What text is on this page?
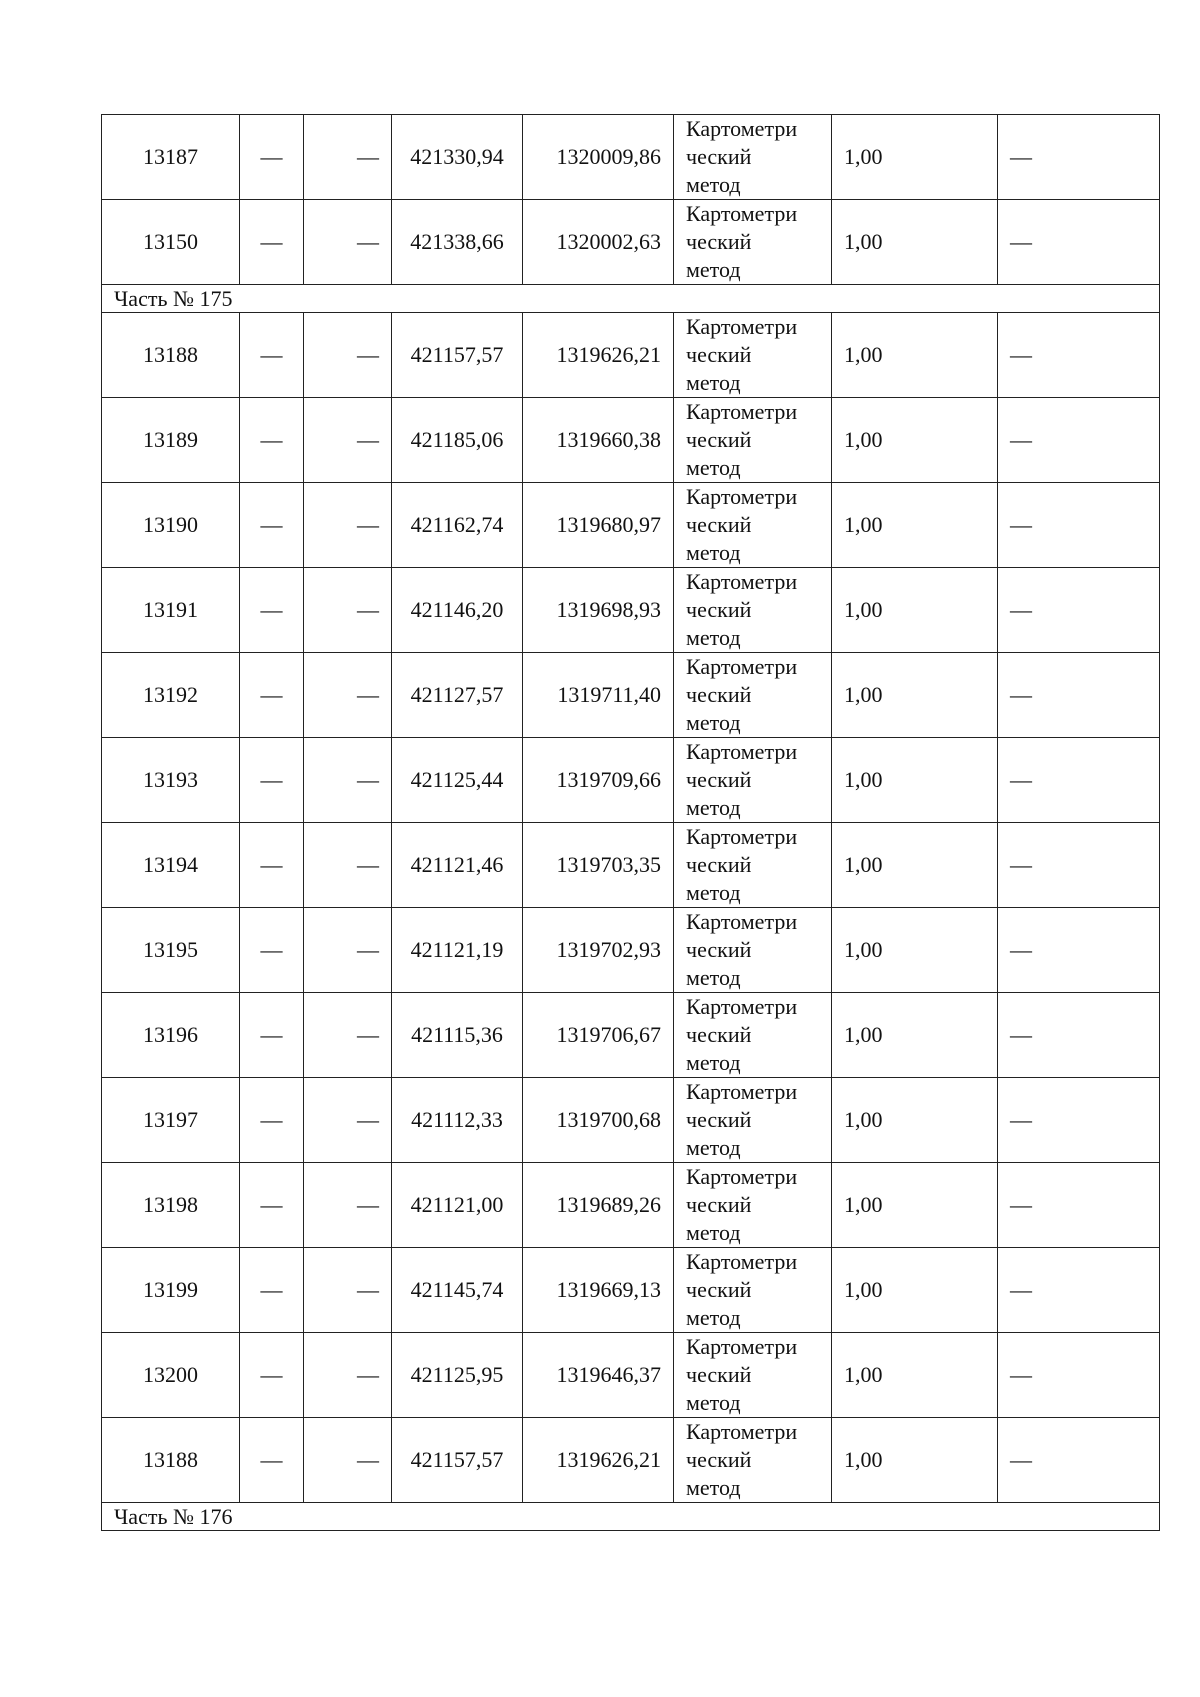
13187	—	—	421330,94	1320009,86	Картометри
ческий
метод	1,00	—
13150	—	—	421338,66	1320002,63	Картометри
ческий
метод	1,00	—
Часть № 175							
13188	—	—	421157,57	1319626,21	Картометри
ческий
метод	1,00	—
13189	—	—	421185,06	1319660,38	Картометри
ческий
метод	1,00	—
13190	—	—	421162,74	1319680,97	Картометри
ческий
метод	1,00	—
13191	—	—	421146,20	1319698,93	Картометри
ческий
метод	1,00	—
13192	—	—	421127,57	1319711,40	Картометри
ческий
метод	1,00	—
13193	—	—	421125,44	1319709,66	Картометри
ческий
метод	1,00	—
13194	—	—	421121,46	1319703,35	Картометри
ческий
метод	1,00	—
13195	—	—	421121,19	1319702,93	Картометри
ческий
метод	1,00	—
13196	—	—	421115,36	1319706,67	Картометри
ческий
метод	1,00	—
13197	—	—	421112,33	1319700,68	Картометри
ческий
метод	1,00	—
13198	—	—	421121,00	1319689,26	Картометри
ческий
метод	1,00	—
13199	—	—	421145,74	1319669,13	Картометри
ческий
метод	1,00	—
13200	—	—	421125,95	1319646,37	Картометри
ческий
метод	1,00	—
13188	—	—	421157,57	1319626,21	Картометри
ческий
метод	1,00	—
Часть № 176							
